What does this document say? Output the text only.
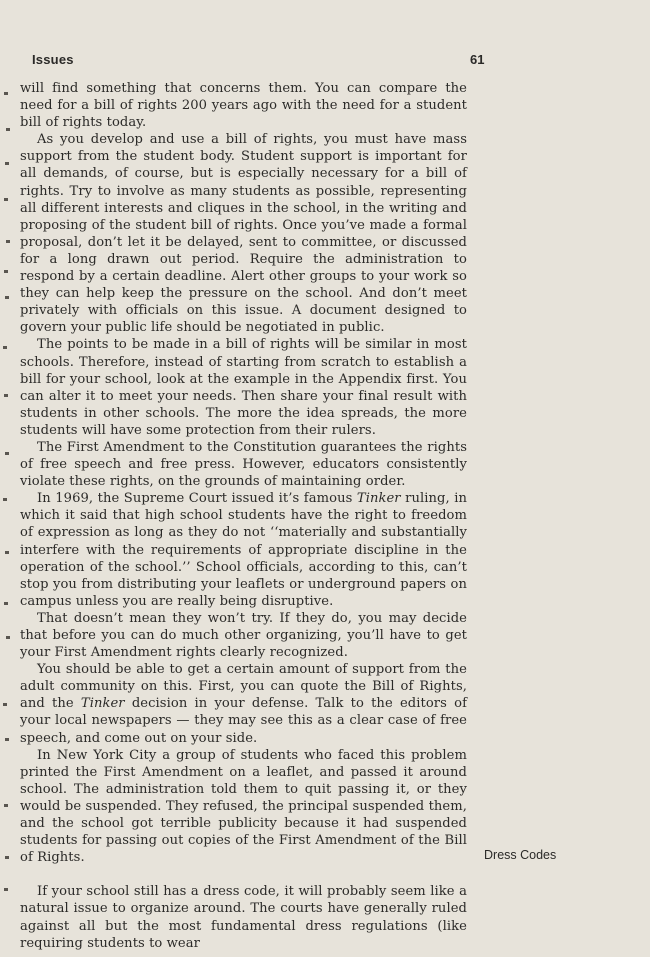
Issues	61

will find something that concerns them. You can compare the need for a bill of rights 200 years ago with the need for a student bill of rights today.

As you develop and use a bill of rights, you must have mass support from the student body. Student support is important for all demands, of course, but is especially necessary for a bill of rights. Try to involve as many students as possible, representing all different interests and cliques in the school, in the writing and proposing of the student bill of rights. Once you’ve made a formal proposal, don’t let it be delayed, sent to committee, or discussed for a long drawn out period. Require the administration to respond by a certain deadline. Alert other groups to your work so they can help keep the pressure on the school. And don’t meet privately with officials on this issue. A document designed to govern your public life should be negotiated in public.

The points to be made in a bill of rights will be similar in most schools. Therefore, instead of starting from scratch to establish a bill for your school, look at the example in the Appendix first. You can alter it to meet your needs. Then share your final result with students in other schools. The more the idea spreads, the more students will have some protection from their rulers.

The First Amendment to the Constitution guarantees the rights of free speech and free press. However, educators consistently violate these rights, on the grounds of maintaining order.

In 1969, the Supreme Court issued it’s famous Tinker ruling, in which it said that high school students have the right to freedom of expression as long as they do not ‘‘materially and substantially interfere with the requirements of appropriate discipline in the operation of the school.’’ School officials, according to this, can’t stop you from distributing your leaflets or underground papers on campus unless you are really being disruptive.

That doesn’t mean they won’t try. If they do, you may decide that before you can do much other organizing, you’ll have to get your First Amendment rights clearly recognized.

You should be able to get a certain amount of support from the adult community on this. First, you can quote the Bill of Rights, and the Tinker decision in your defense. Talk to the editors of your local newspapers — they may see this as a clear case of free speech, and come out on your side.

In New York City a group of students who faced this problem printed the First Amendment on a leaflet, and passed it around school. The administration told them to quit passing it, or they would be suspended. They refused, the principal suspended them, and the school got terrible publicity because it had suspended students for passing out copies of the First Amendment of the Bill of Rights.

If your school still has a dress code, it will probably seem like a natural issue to organize around. The courts have generally ruled against all but the most fundamental dress regulations (like requiring students to wear

Dress Codes
